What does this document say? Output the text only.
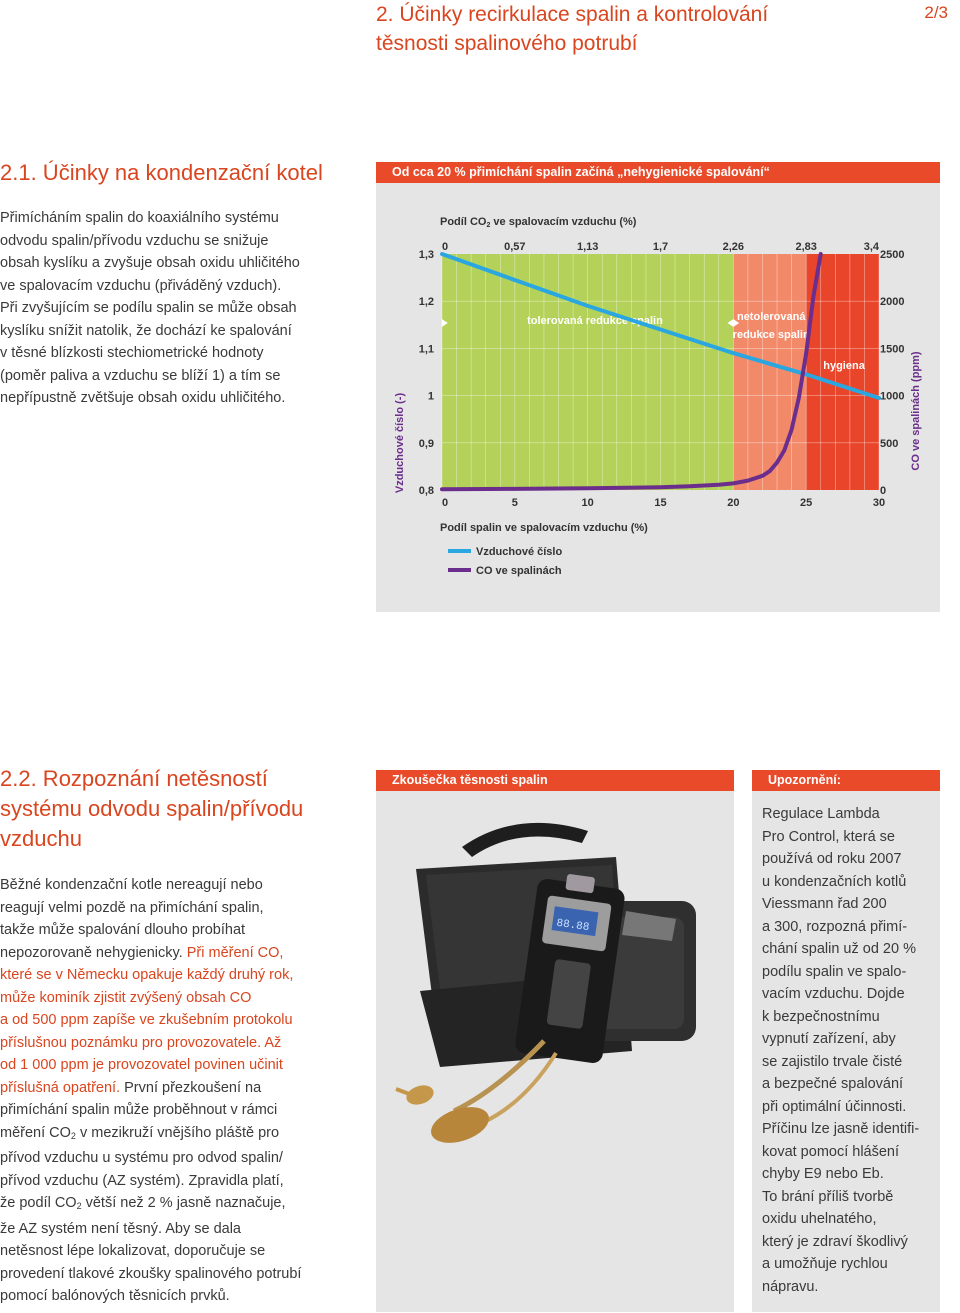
2. Účinky recirkulace spalin a kontrolování
těsnosti spalinového potrubí
2/3
2.1. Účinky na kondenzační kotel
Přimícháním spalin do koaxiálního systému
odvodu spalin/přívodu vzduchu se snižuje
obsah kyslíku a zvyšuje obsah oxidu uhličitého
ve spalovacím vzduchu (přiváděný vzduch).
Při zvyšujícím se podílu spalin se může obsah
kyslíku snížit natolik, že dochází ke spalování
v těsné blízkosti stechiometrické hodnoty
(poměr paliva a vzduchu se blíží 1) a tím se
nepřípustně zvětšuje obsah oxidu uhličitého.
Od cca 20 % přimíchání spalin začíná „nehygienické spalování“
tolerovaná redukce spalin	netolerovaná
redukce spalin
hygiena
Podíl CO2 ve spalovacím vzduchu (%)
0	0,57	1,13	1,7	2,26	2,83	3,4
1,3
1,2
1,1
1
0,9
0,8
2500
2000
1500
1000
500
0
0	5	10	15	20	25	30
Podíl spalin ve spalovacím vzduchu (%)
Vzduchové číslo (-)	CO ve spalinách (ppm)
Vzduchové číslo
CO ve spalinách
2.2. Rozpoznání netěsností
systému odvodu spalin/přívodu
vzduchu
Běžné kondenzační kotle nereagují nebo
reagují velmi pozdě na přimíchání spalin,
takže může spalování dlouho probíhat
nepozorovaně nehygienicky. Při měření CO,
které se v Německu opakuje každý druhý rok,
může kominík zjistit zvýšený obsah CO
a od 500 ppm zapíše ve zkušebním protokolu
příslušnou poznámku pro provozovatele. Až
od 1 000 ppm je provozovatel povinen učinit
příslušná opatření. První přezkoušení na
přimíchání spalin může proběhnout v rámci
měření $CO_2$ v mezikruží vnějšího pláště pro
přívod vzduchu u systému pro odvod spalin/
přívod vzduchu (AZ systém). Zpravidla platí,
že podíl $CO_2$ větší než 2 % jasně naznačuje,
že AZ systém není těsný. Aby se dala
netěsnost lépe lokalizovat, doporučuje se
provedení tlakové zkoušky spalinového potrubí
pomocí balónových těsnicích prvků.
Zkoušečka těsnosti spalin
88.88
Upozornění:
Regulace Lambda
Pro Control, která se
používá od roku 2007
u kondenzačních kotlů
Viessmann řad 200
a 300, rozpozná přimí-
chání spalin už od 20 %
podílu spalin ve spalo-
vacím vzduchu. Dojde
k bezpečnostnímu
vypnutí zařízení, aby
se zajistilo trvale čisté
a bezpečné spalování
při optimální účinnosti.
Příčinu lze jasně identifi-
kovat pomocí hlášení
chyby E9 nebo Eb.
To brání příliš tvorbě
oxidu uhelnatého,
který je zdraví škodlivý
a umožňuje rychlou
nápravu.
